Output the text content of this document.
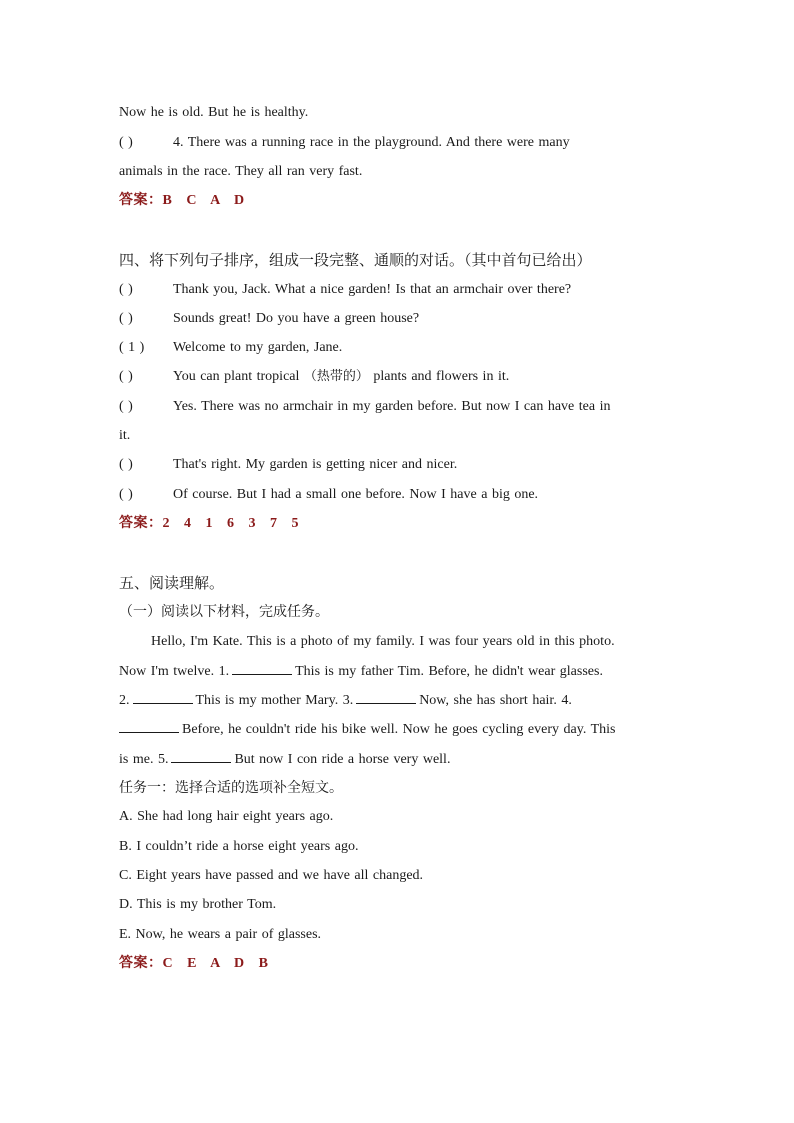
Now he is old. But he is healthy.
( )	4. There was a running race in the playground. And there were many
animals in the race. They all ran very fast.
答案：B C A D
四、将下列句子排序，组成一段完整、通顺的对话。（其中首句已给出）
( )	Thank you, Jack. What a nice garden! Is that an armchair over there?
( )	Sounds great! Do you have a green house?
( 1 ) Welcome to my garden, Jane.
( )	You can plant tropical （热带的） plants and flowers in it.
( )	Yes. There was no armchair in my garden before. But now I can have tea in
it.
( )	That's right. My garden is getting nicer and nicer.
( )	Of course. But I had a small one before. Now I have a big one.
答案：2 4 1 6 3 7 5
五、阅读理解。
（一）阅读以下材料，完成任务。
Hello, I'm Kate. This is a photo of my family. I was four years old in this photo.
Now I'm twelve. 1.	This is my father Tim. Before, he didn't wear glasses.
2.	This is my mother Mary. 3.	Now, she has short hair. 4.
Before, he couldn't ride his bike well. Now he goes cycling every day. This
is me. 5.	But now I con ride a horse very well.
任务一：选择合适的选项补全短文。
A. She had long hair eight years ago.
B. I couldn’t ride a horse eight years ago.
C. Eight years have passed and we have all changed.
D. This is my brother Tom.
E. Now, he wears a pair of glasses.
答案：C E A D B
